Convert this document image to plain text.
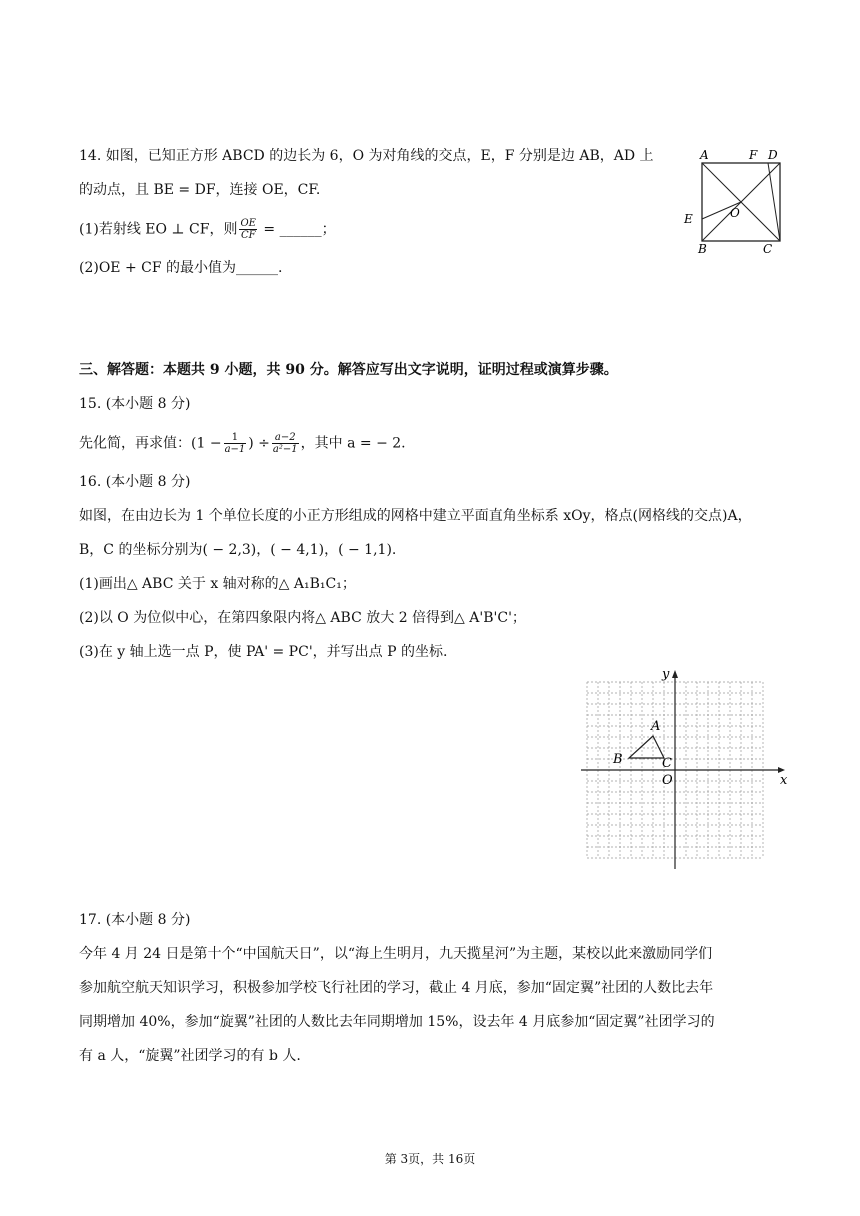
14. 如图，已知正方形 ABCD 的边长为 6，O 为对角线的交点，E，F 分别是边 AB，AD 上
的动点，且 BE = DF，连接 OE，CF.
(1)若射线 EO ⊥ CF，则 $\frac{OE}{CF}$ = ______；
(2)OE + CF 的最小值为______.
A	F D
E	O
B	C
三、解答题：本题共 9 小题，共 90 分。解答应写出文字说明，证明过程或演算步骤。
15. (本小题 8 分)
先化简，再求值：($1 - \frac{1}{a-1}$ ) ÷ $\frac{a-2}{\text{a²−1}}$ ，其中 a = − 2.
16. (本小题 8 分)
如图，在由边长为 1 个单位长度的小正方形组成的网格中建立平面直角坐标系 xOy，格点(网格线的交点)A，
B，C 的坐标分别为( − 2,3)，( − 4,1)，( − 1,1).
(1)画出△ ABC 关于 x 轴对称的△ A₁B₁C₁；
(2)以 O 为位似中心，在第四象限内将△ ABC 放大 2 倍得到△ A'B'C'；
(3)在 y 轴上选一点 P，使 PA' = PC'，并写出点 P 的坐标.
x
y
O
A
B	C
17. (本小题 8 分)
今年 4 月 24 日是第十个“中国航天日”，以“海上生明月，九天揽星河”为主题，某校以此来激励同学们
参加航空航天知识学习，积极参加学校飞行社团的学习，截止 4 月底，参加“固定翼”社团的人数比去年
同期增加 40%，参加“旋翼”社团的人数比去年同期增加 15%，设去年 4 月底参加“固定翼”社团学习的
有 a 人，“旋翼”社团学习的有 b 人.
第 3页，共 16页
